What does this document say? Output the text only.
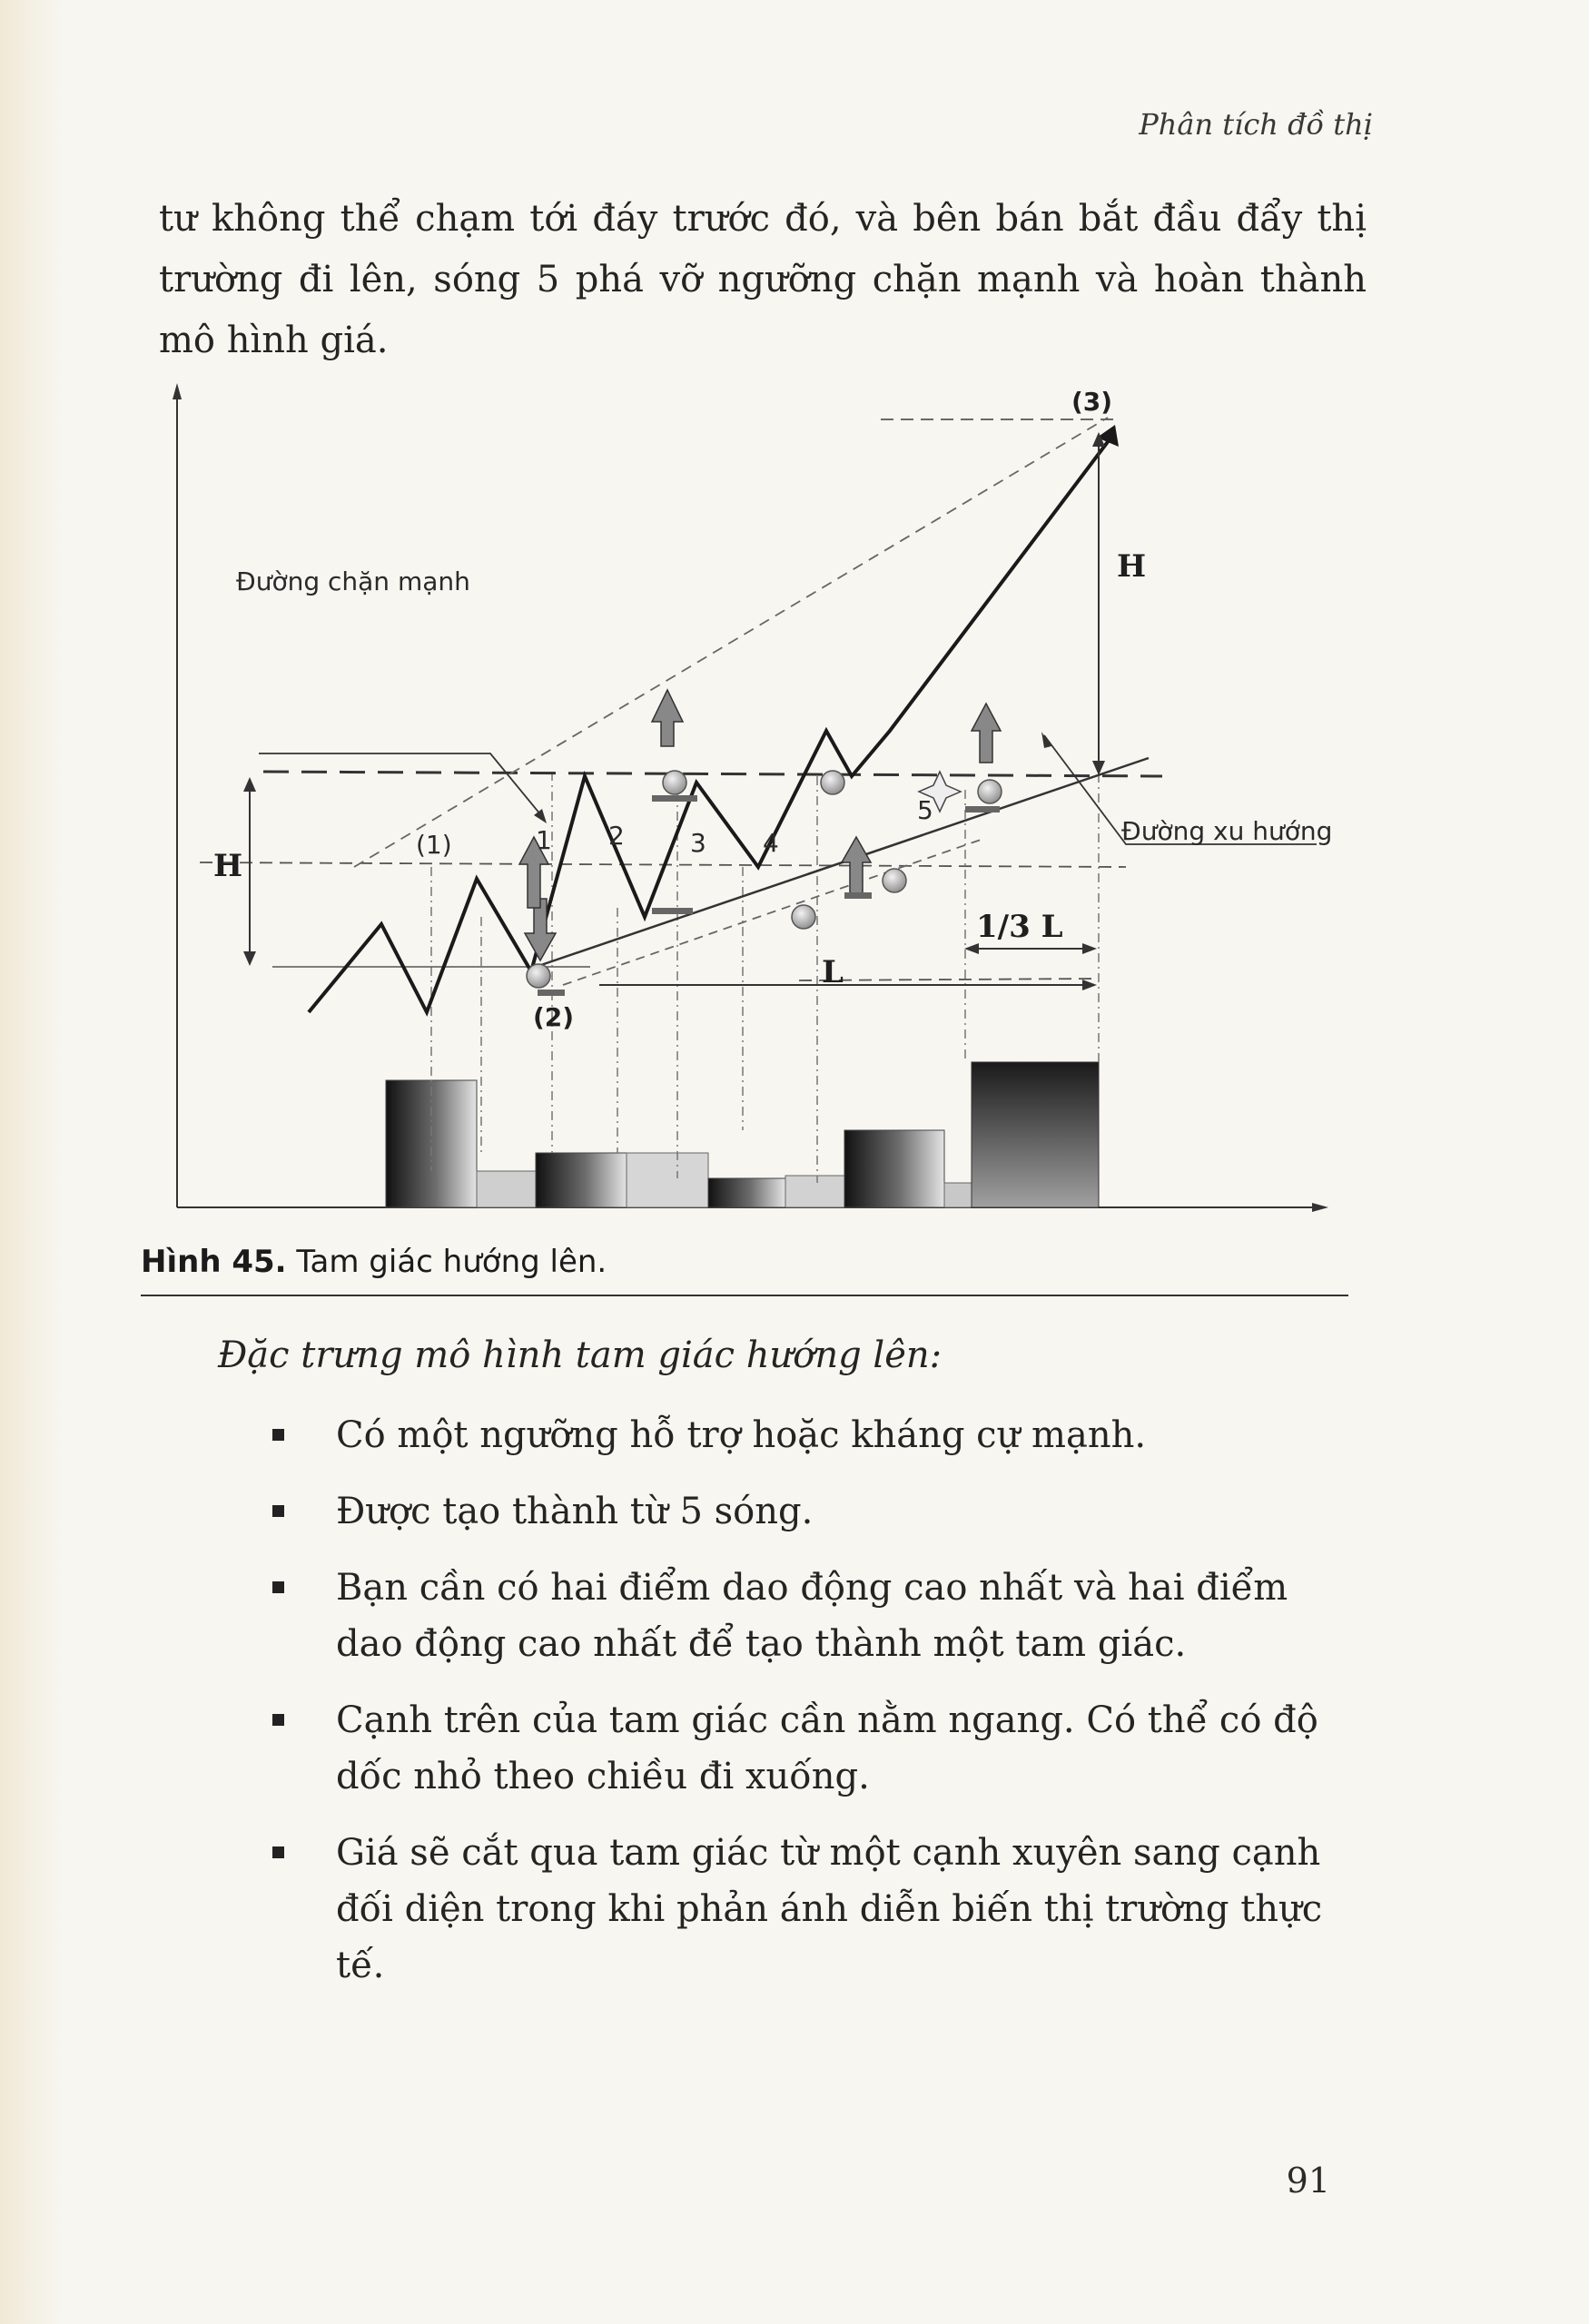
Phân tích đồ thị

tư không thể chạm tới đáy trước đó, và bên bán bắt đầu đẩy thị trường đi lên, sóng 5 phá vỡ ngưỡng chặn mạnh và hoàn thành mô hình giá.

Đường chặn mạnh
Đường xu hướng
H
H
(1)
(2)
(3)
1 2	3 4
5
L
1/3 L
Hình 45. Tam giác hướng lên.
Đặc trưng mô hình tam giác hướng lên:
Có một ngưỡng hỗ trợ hoặc kháng cự mạnh.
Được tạo thành từ 5 sóng.
Bạn cần có hai điểm dao động cao nhất và hai điểm dao động cao nhất để tạo thành một tam giác.
Cạnh trên của tam giác cần nằm ngang. Có thể có độ dốc nhỏ theo chiều đi xuống.
Giá sẽ cắt qua tam giác từ một cạnh xuyên sang cạnh đối diện trong khi phản ánh diễn biến thị trường thực tế.
91
